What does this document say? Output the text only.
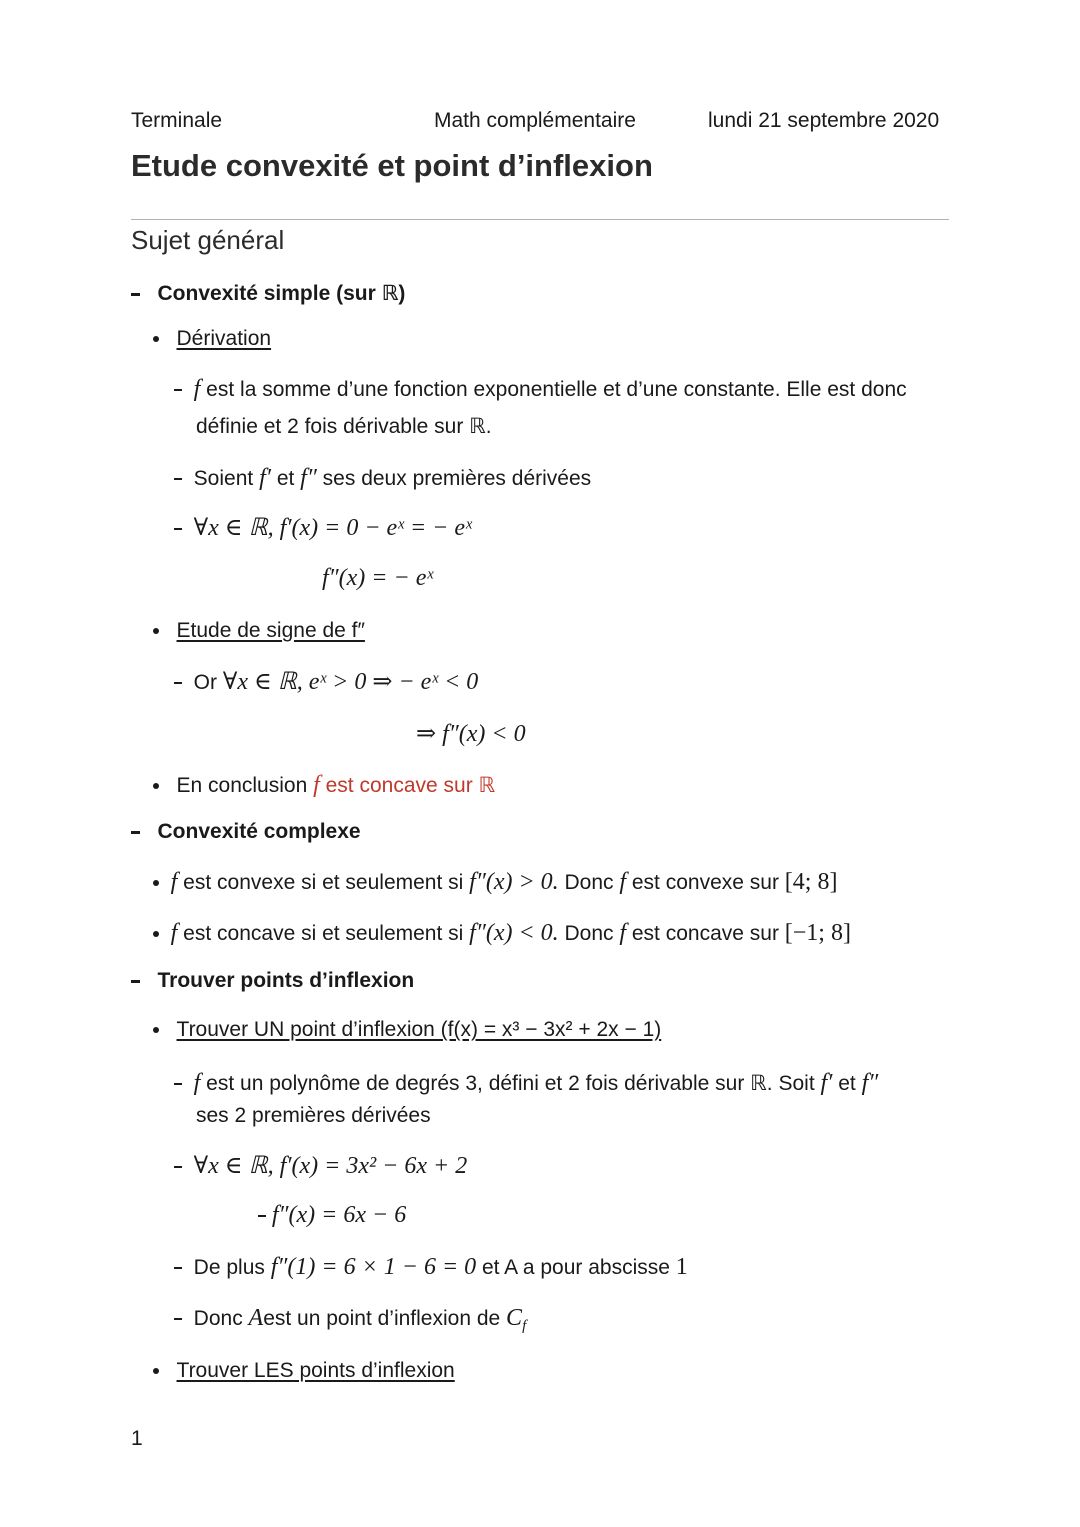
Terminale	Math complémentaire	lundi 21 septembre 2020
Etude convexité et point d’inflexion
Sujet général
Convexité simple (sur ℝ)
Dérivation
f est la somme d’une fonction exponentielle et d’une constante. Elle est donc
définie et 2 fois dérivable sur ℝ.
Soient f′ et f″ ses deux premières dérivées
∀x ∈ ℝ, f′(x) = 0 − eˣ = − eˣ
f″(x) = − eˣ
Etude de signe de f″
Or ∀x ∈ ℝ, eˣ > 0 ⇒ − eˣ < 0
⇒ f″(x) < 0
En conclusion f est concave sur ℝ
Convexité complexe
f est convexe si et seulement si f″(x) > 0. Donc f est convexe sur [4; 8]
f est concave si et seulement si f″(x) < 0. Donc f est concave sur [−1; 8]
Trouver points d’inflexion
Trouver UN point d’inflexion (f(x) = x³ − 3x² + 2x − 1)
f est un polynôme de degrés 3, défini et 2 fois dérivable sur ℝ. Soit f′ et f″
ses 2 premières dérivées
∀x ∈ ℝ, f′(x) = 3x² − 6x + 2
f″(x) = 6x − 6
De plus f″(1) = 6 × 1 − 6 = 0 et A a pour abscisse 1
Donc Aest un point d’inflexion de $C_f$
Trouver LES points d’inflexion
1
